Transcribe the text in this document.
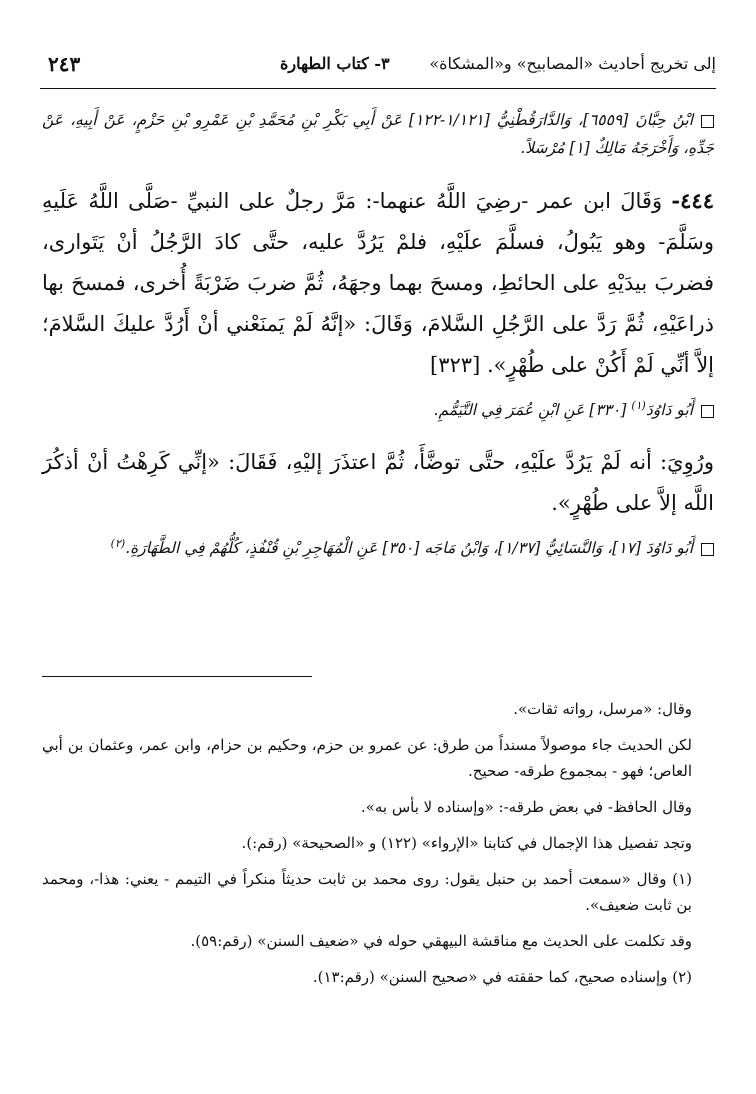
إلى تخريج أحاديث «المصابيح» و«المشكاة»
٣- كتاب الطهارة
٢٤٣

ابْنُ حِبَّانَ [٦٥٥٩]، وَالدَّارَقُطْنِيُّ [١/١٢١-١٢٢] عَنْ أَبِي بَكْرِ بْنِ مُحَمَّدِ بْنِ عَمْرِو بْنِ حَزْمٍ، عَنْ أَبِيهِ، عَنْ جَدِّهِ، وَأَخْرَجَهُ مَالِكٌ [١] مُرْسَلاً.

٤٤٤- وَقَالَ ابن عمر -رضِيَ اللَّهُ عنهما-: مَرَّ رجلٌ على النبيِّ -صَلَّى اللَّهُ عَلَيهِ وسَلَّمَ- وهو يَبُولُ، فسلَّمَ علَيْهِ، فلمْ يَرُدَّ عليه، حتَّى كادَ الرَّجُلُ أنْ يَتَوارى، فضربَ بيدَيْهِ على الحائطِ، ومسحَ بهما وجهَهُ، ثُمَّ ضربَ ضَرْبَةً أُخرى، فمسحَ بها ذراعَيْهِ، ثُمَّ رَدَّ على الرَّجُلِ السَّلامَ، وَقَالَ: «إنَّهُ لَمْ يَمنَعْني أنْ أَرُدَّ عليكَ السَّلامَ؛ إلاَّ أنِّي لَمْ أَكُنْ على طُهْرٍ». [٣٢٣]

أَبُو دَاوُدَ$^{(١)}$ [٣٣٠] عَنِ ابْنِ عُمَرَ فِي التَّيَمُّمِ.

ورُوِيَ: أنه لَمْ يَرُدَّ علَيْهِ، حتَّى توضَّأَ، ثُمَّ اعتذَرَ إليْهِ، فَقَالَ: «إنِّي كَرِهْتُ أنْ أذكُرَ اللَّه إلاَّ على طُهْرٍ».

أَبُو دَاوُدَ [١٧]، وَالنَّسَائِيُّ [١/٣٧]، وَابْنُ مَاجَه [٣٥٠] عَنِ الْمُهَاجِرِ بْنِ قُنْفُذٍ، كُلُّهُمْ فِي الطَّهَارَةِ.$^{(٢)}$

وقال: «مرسل، رواته ثقات».

لكن الحديث جاء موصولاً مسنداً من طرق: عن عمرو بن حزم، وحكيم بن حزام، وابن عمر، وعثمان بن أبي العاص؛ فهو - بمجموع طرقه- صحيح.

وقال الحافظ- في بعض طرقه-: «وإسناده لا بأس به».

وتجد تفصيل هذا الإجمال في كتابنا «الإرواء» (١٢٢) و «الصحيحة» (رقم:).

(١) وقال «سمعت أحمد بن حنبل يقول: روى محمد بن ثابت حديثاً منكراً في التيمم - يعني: هذا-، ومحمد بن ثابت ضعيف».

وقد تكلمت على الحديث مع مناقشة البيهقي حوله في «ضعيف السنن» (رقم:٥٩).

(٢) وإسناده صحيح، كما حققته في «صحيح السنن» (رقم:١٣).
